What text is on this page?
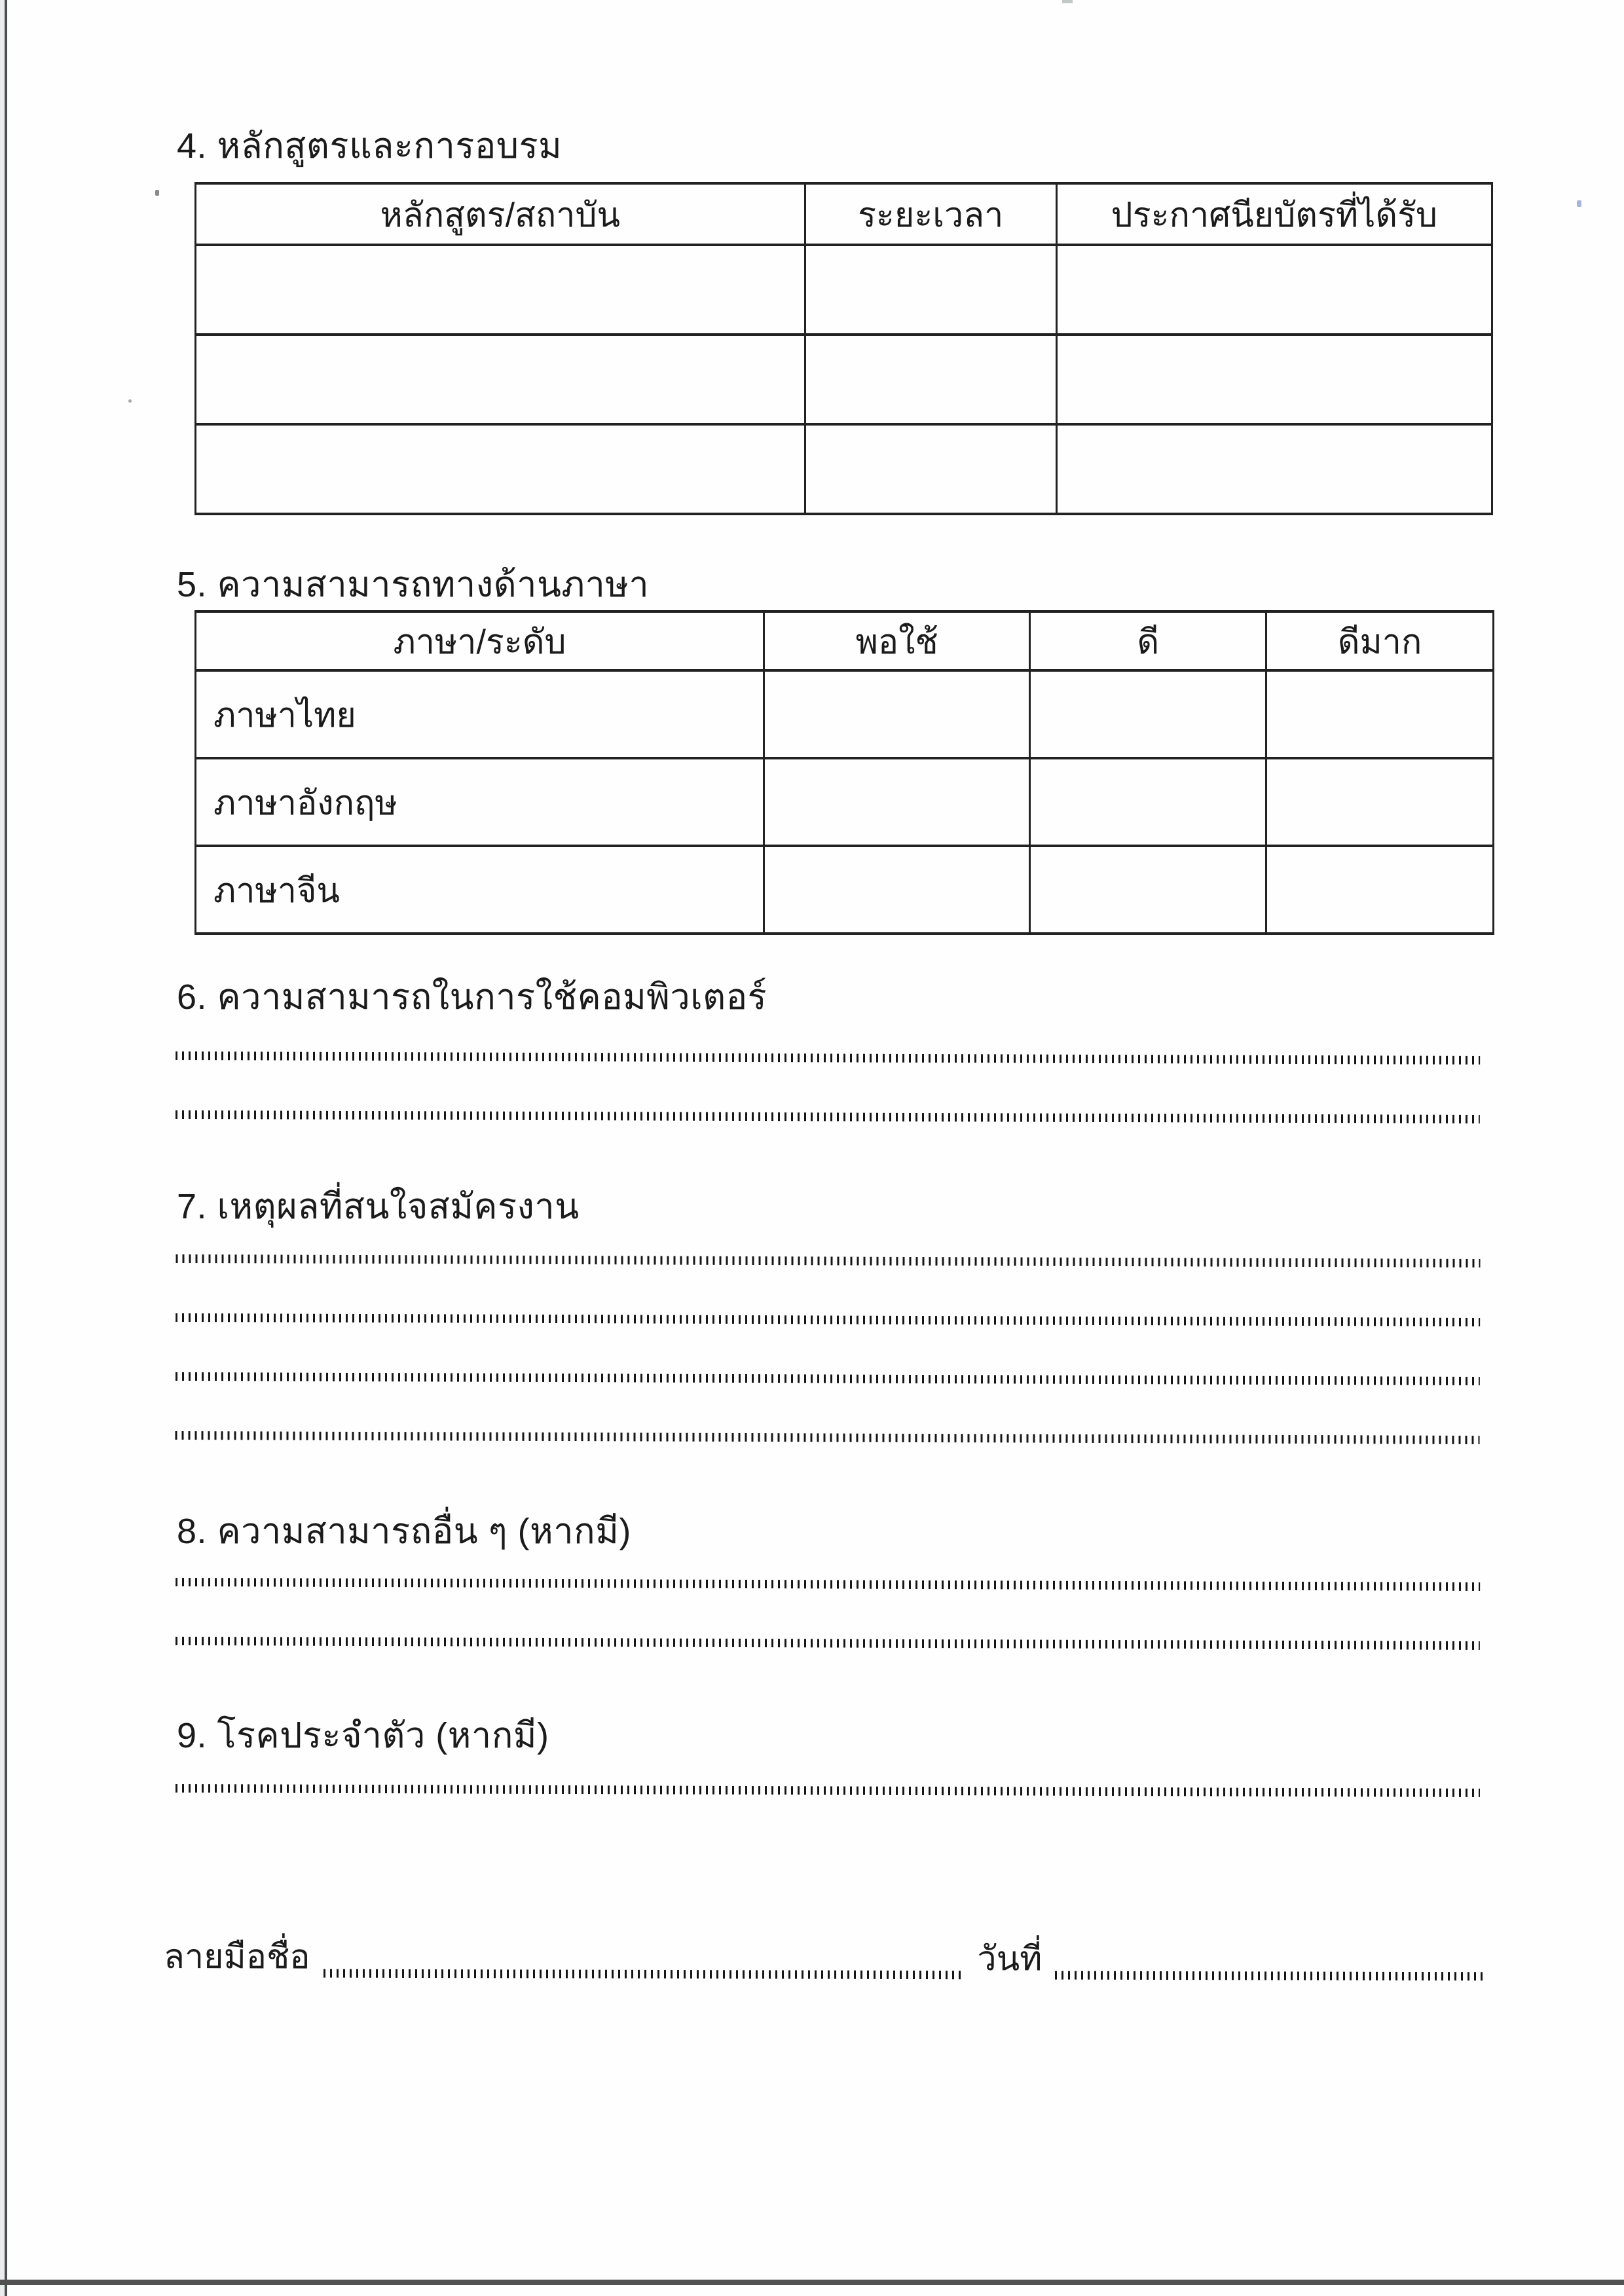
4. หลักสูตรและการอบรม
หลักสูตร/สถาบัน	ระยะเวลา	ประกาศนียบัตรที่ได้รับ

5. ความสามารถทางด้านภาษา
ภาษา/ระดับ	พอใช้	ดี	ดีมาก
ภาษาไทย			
ภาษาอังกฤษ			
ภาษาจีน			
6. ความสามารถในการใช้คอมพิวเตอร์
7. เหตุผลที่สนใจสมัครงาน
8. ความสามารถอื่น ๆ (หากมี)
9. โรคประจำตัว (หากมี)
ลายมือชื่อ	วันที่
